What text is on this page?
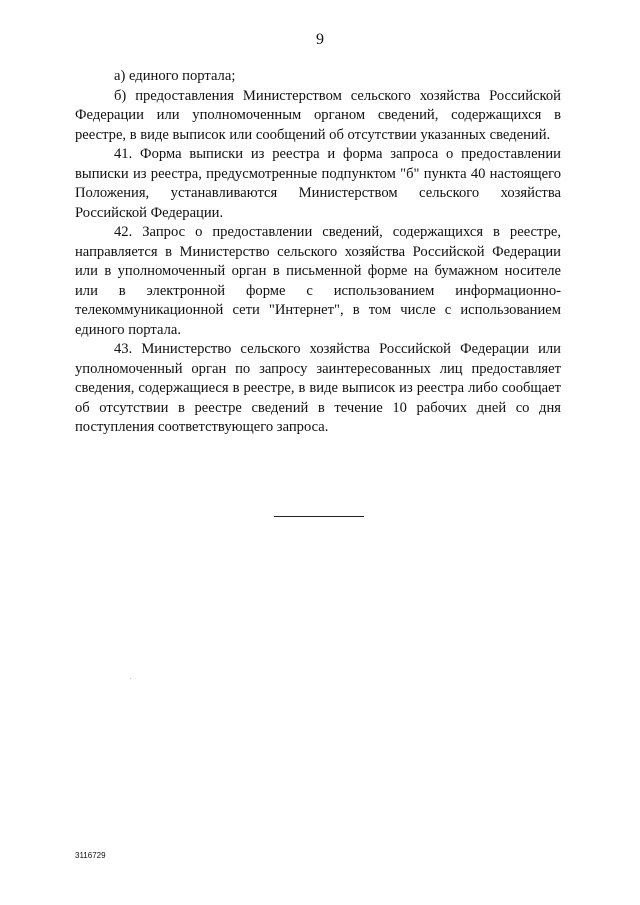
9

а) единого портала;

б) предоставления Министерством сельского хозяйства Российской Федерации или уполномоченным органом сведений, содержащихся в реестре, в виде выписок или сообщений об отсутствии указанных сведений.

41. Форма выписки из реестра и форма запроса о предоставлении выписки из реестра, предусмотренные подпунктом "б" пункта 40 настоящего Положения, устанавливаются Министерством сельского хозяйства Российской Федерации.

42. Запрос о предоставлении сведений, содержащихся в реестре, направляется в Министерство сельского хозяйства Российской Федерации или в уполномоченный орган в письменной форме на бумажном носителе или в электронной форме с использованием информационно-телекоммуникационной сети "Интернет", в том числе с использованием единого портала.

43. Министерство сельского хозяйства Российской Федерации или уполномоченный орган по запросу заинтересованных лиц предоставляет сведения, содержащиеся в реестре, в виде выписок из реестра либо сообщает об отсутствии в реестре сведений в течение 10 рабочих дней со дня поступления соответствующего запроса.

3116729
